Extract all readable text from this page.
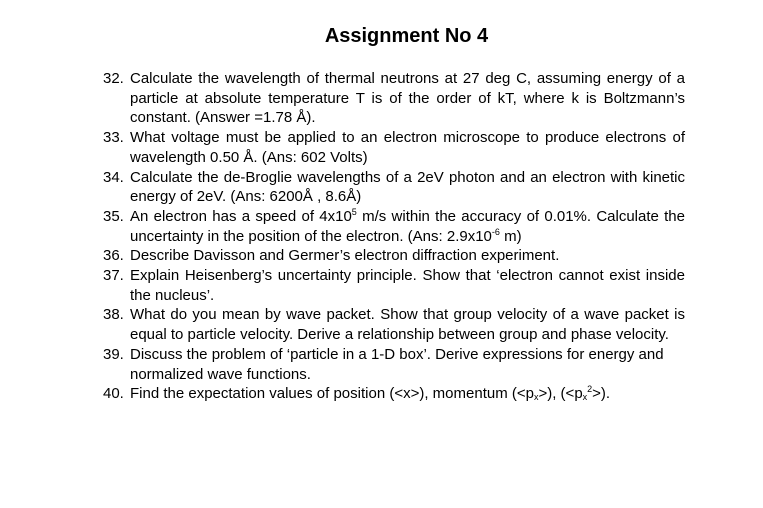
Assignment No 4
32. Calculate the wavelength of thermal neutrons at 27 deg C, assuming energy of a particle at absolute temperature T is of the order of kT, where k is Boltzmann’s constant. (Answer =1.78 Å).
33. What voltage must be applied to an electron microscope to produce electrons of wavelength 0.50 Å. (Ans: 602 Volts)
34. Calculate the de-Broglie wavelengths of a 2eV photon and an electron with kinetic energy of 2eV. (Ans: 6200Å , 8.6Å)
35. An electron has a speed of $4x10^5$ m/s within the accuracy of 0.01%. Calculate the uncertainty in the position of the electron. (Ans: $2.9x10^{-6}$ m)
36. Describe Davisson and Germer’s electron diffraction experiment.
37. Explain Heisenberg’s uncertainty principle. Show that ‘electron cannot exist inside the nucleus’.
38. What do you mean by wave packet. Show that group velocity of a wave packet is equal to particle velocity. Derive a relationship between group and phase velocity.
39. Discuss the problem of ‘particle in a 1-D box’. Derive expressions for energy and normalized wave functions.
40. Find the expectation values of position (<x>), momentum $(<p_x>)$, $(<p_x^2>)$.
